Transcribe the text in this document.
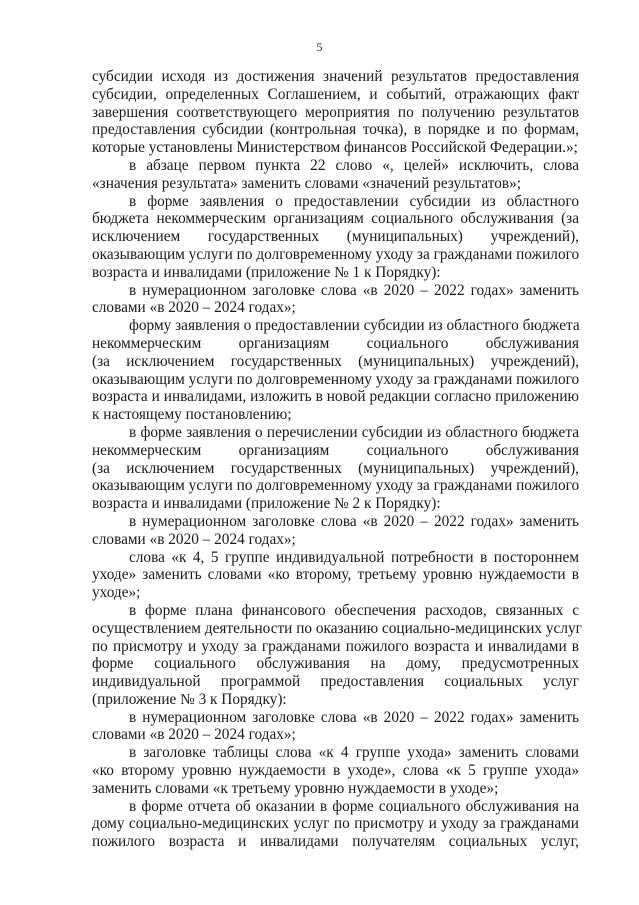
5
субсидии исходя из достижения значений результатов предоставления
субсидии, определенных Соглашением, и событий, отражающих факт
завершения соответствующего мероприятия по получению результатов
предоставления субсидии (контрольная точка), в порядке и по формам,
которые установлены Министерством финансов Российской Федерации.»;
в абзаце первом пункта 22 слово «, целей» исключить, слова
«значения результата» заменить словами «значений результатов»;
в форме заявления о предоставлении субсидии из областного
бюджета некоммерческим организациям социального обслуживания (за
исключением государственных (муниципальных) учреждений),
оказывающим услуги по долговременному уходу за гражданами пожилого
возраста и инвалидами (приложение № 1 к Порядку):
в нумерационном заголовке слова «в 2020 – 2022 годах» заменить
словами «в 2020 – 2024 годах»;
форму заявления о предоставлении субсидии из областного бюджета
некоммерческим организациям социального обслуживания
(за исключением государственных (муниципальных) учреждений),
оказывающим услуги по долговременному уходу за гражданами пожилого
возраста и инвалидами, изложить в новой редакции согласно приложению
к настоящему постановлению;
в форме заявления о перечислении субсидии из областного бюджета
некоммерческим организациям социального обслуживания
(за исключением государственных (муниципальных) учреждений),
оказывающим услуги по долговременному уходу за гражданами пожилого
возраста и инвалидами (приложение № 2 к Порядку):
в нумерационном заголовке слова «в 2020 – 2022 годах» заменить
словами «в 2020 – 2024 годах»;
слова «к 4, 5 группе индивидуальной потребности в постороннем
уходе» заменить словами «ко второму, третьему уровню нуждаемости в
уходе»;
в форме плана финансового обеспечения расходов, связанных с
осуществлением деятельности по оказанию социально-медицинских услуг
по присмотру и уходу за гражданами пожилого возраста и инвалидами в
форме социального обслуживания на дому, предусмотренных
индивидуальной программой предоставления социальных услуг
(приложение № 3 к Порядку):
в нумерационном заголовке слова «в 2020 – 2022 годах» заменить
словами «в 2020 – 2024 годах»;
в заголовке таблицы слова «к 4 группе ухода» заменить словами
«ко второму уровню нуждаемости в уходе», слова «к 5 группе ухода»
заменить словами «к третьему уровню нуждаемости в уходе»;
в форме отчета об оказании в форме социального обслуживания на
дому социально-медицинских услуг по присмотру и уходу за гражданами
пожилого возраста и инвалидами получателям социальных услуг,
